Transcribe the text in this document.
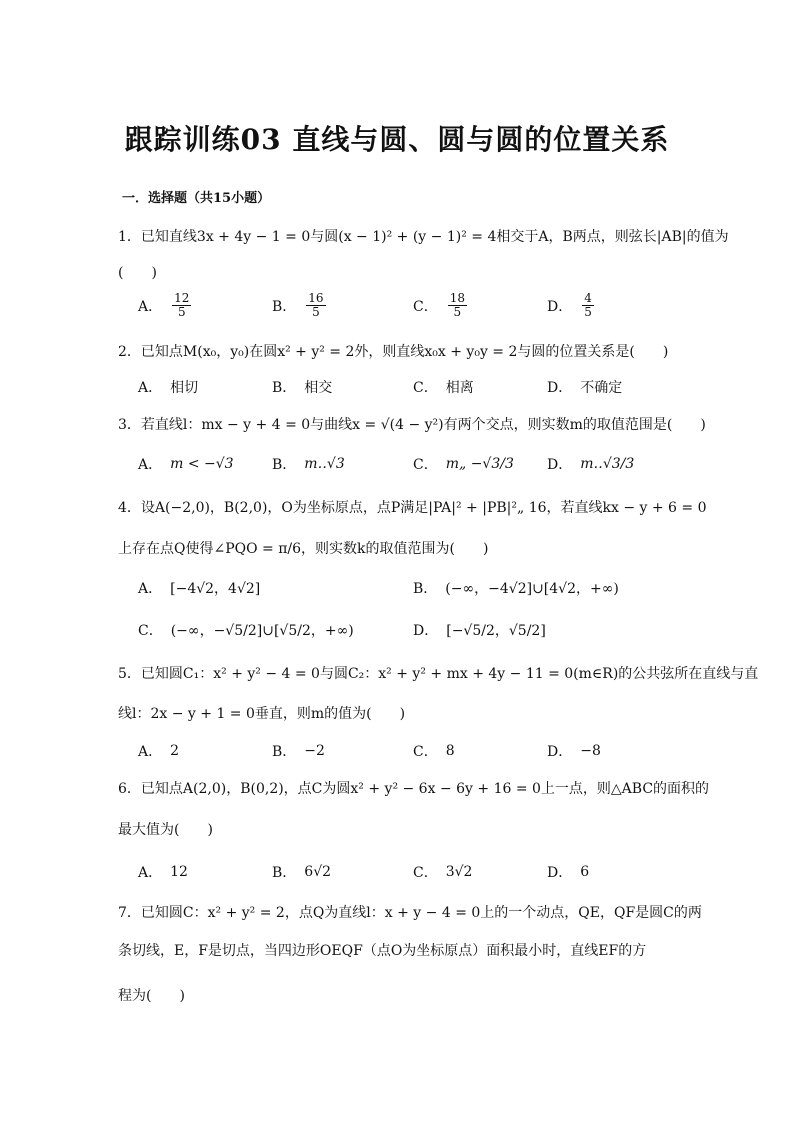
跟踪训练03 直线与圆、圆与圆的位置关系
一．选择题（共15小题）
1．已知直线3x + 4y − 1 = 0与圆(x − 1)² + (y − 1)² = 4相交于A，B两点，则弦长|AB|的值为
(　　)
A． $\frac{12}{5}$	B． $\frac{16}{5}$	C． $\frac{18}{5}$	D． $\frac{4}{5}$
2．已知点M(x₀，y₀)在圆x² + y² = 2外，则直线x₀x + y₀y = 2与圆的位置关系是(　　)
A． 相切	B． 相交	C． 相离	D． 不确定
3．若直线l：mx − y + 4 = 0与曲线x = √(4 − y²)有两个交点，则实数m的取值范围是(　　)
A． m < −√3	B． m‥√3	C． m„ −√3/3 D． m‥√3/3
4．设A(−2,0)，B(2,0)，O为坐标原点，点P满足|PA|² + |PB|²„ 16，若直线kx − y + 6 = 0
上存在点Q使得∠PQO = π/6，则实数k的取值范围为(　　)
A． [−4√2，4√2]	B． (−∞，−4√2]∪[4√2，+∞)
C． (−∞，−√5/2]∪[√5/2，+∞)	D． [−√5/2，√5/2]
5．已知圆C₁：x² + y² − 4 = 0与圆C₂：x² + y² + mx + 4y − 11 = 0(m∈R)的公共弦所在直线与直
线l：2x − y + 1 = 0垂直，则m的值为(　　)
A． 2	B． −2	C． 8	D． −8
6．已知点A(2,0)，B(0,2)，点C为圆x² + y² − 6x − 6y + 16 = 0上一点，则△ABC的面积的
最大值为(　　)
A． 12	B． 6√2	C． 3√2	D． 6
7．已知圆C：x² + y² = 2，点Q为直线l：x + y − 4 = 0上的一个动点，QE，QF是圆C的两
条切线，E，F是切点，当四边形OEQF（点O为坐标原点）面积最小时，直线EF的方
程为(　　)
